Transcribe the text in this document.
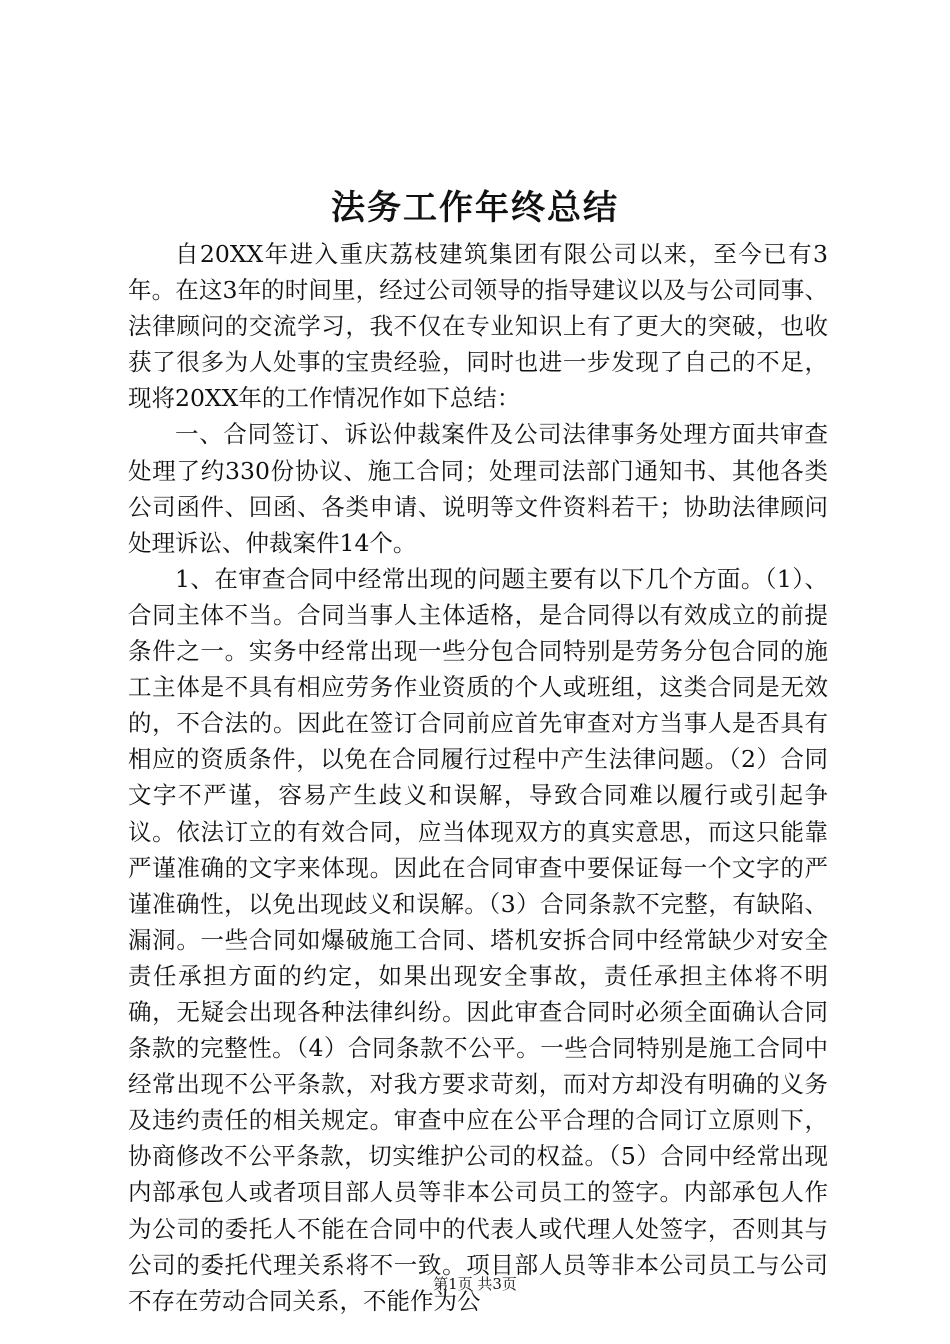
法务工作年终总结

自20XX年进入重庆荔枝建筑集团有限公司以来，至今已有3年。在这3年的时间里，经过公司领导的指导建议以及与公司同事、法律顾问的交流学习，我不仅在专业知识上有了更大的突破，也收获了很多为人处事的宝贵经验，同时也进一步发现了自己的不足，现将20XX年的工作情况作如下总结：

一、合同签订、诉讼仲裁案件及公司法律事务处理方面共审查处理了约330份协议、施工合同；处理司法部门通知书、其他各类公司函件、回函、各类申请、说明等文件资料若干；协助法律顾问处理诉讼、仲裁案件14个。

1、在审查合同中经常出现的问题主要有以下几个方面。（1）、合同主体不当。合同当事人主体适格，是合同得以有效成立的前提条件之一。实务中经常出现一些分包合同特别是劳务分包合同的施工主体是不具有相应劳务作业资质的个人或班组，这类合同是无效的，不合法的。因此在签订合同前应首先审查对方当事人是否具有相应的资质条件，以免在合同履行过程中产生法律问题。（2）合同文字不严谨，容易产生歧义和误解，导致合同难以履行或引起争议。依法订立的有效合同，应当体现双方的真实意思，而这只能靠严谨准确的文字来体现。因此在合同审查中要保证每一个文字的严谨准确性，以免出现歧义和误解。（3）合同条款不完整，有缺陷、漏洞。一些合同如爆破施工合同、塔机安拆合同中经常缺少对安全责任承担方面的约定，如果出现安全事故，责任承担主体将不明确，无疑会出现各种法律纠纷。因此审查合同时必须全面确认合同条款的完整性。（4）合同条款不公平。一些合同特别是施工合同中经常出现不公平条款，对我方要求苛刻，而对方却没有明确的义务及违约责任的相关规定。审查中应在公平合理的合同订立原则下，协商修改不公平条款，切实维护公司的权益。（5）合同中经常出现内部承包人或者项目部人员等非本公司员工的签字。内部承包人作为公司的委托人不能在合同中的代表人或代理人处签字，否则其与公司的委托代理关系将不一致。项目部人员等非本公司员工与公司不存在劳动合同关系，不能作为公

第1页 共3页
